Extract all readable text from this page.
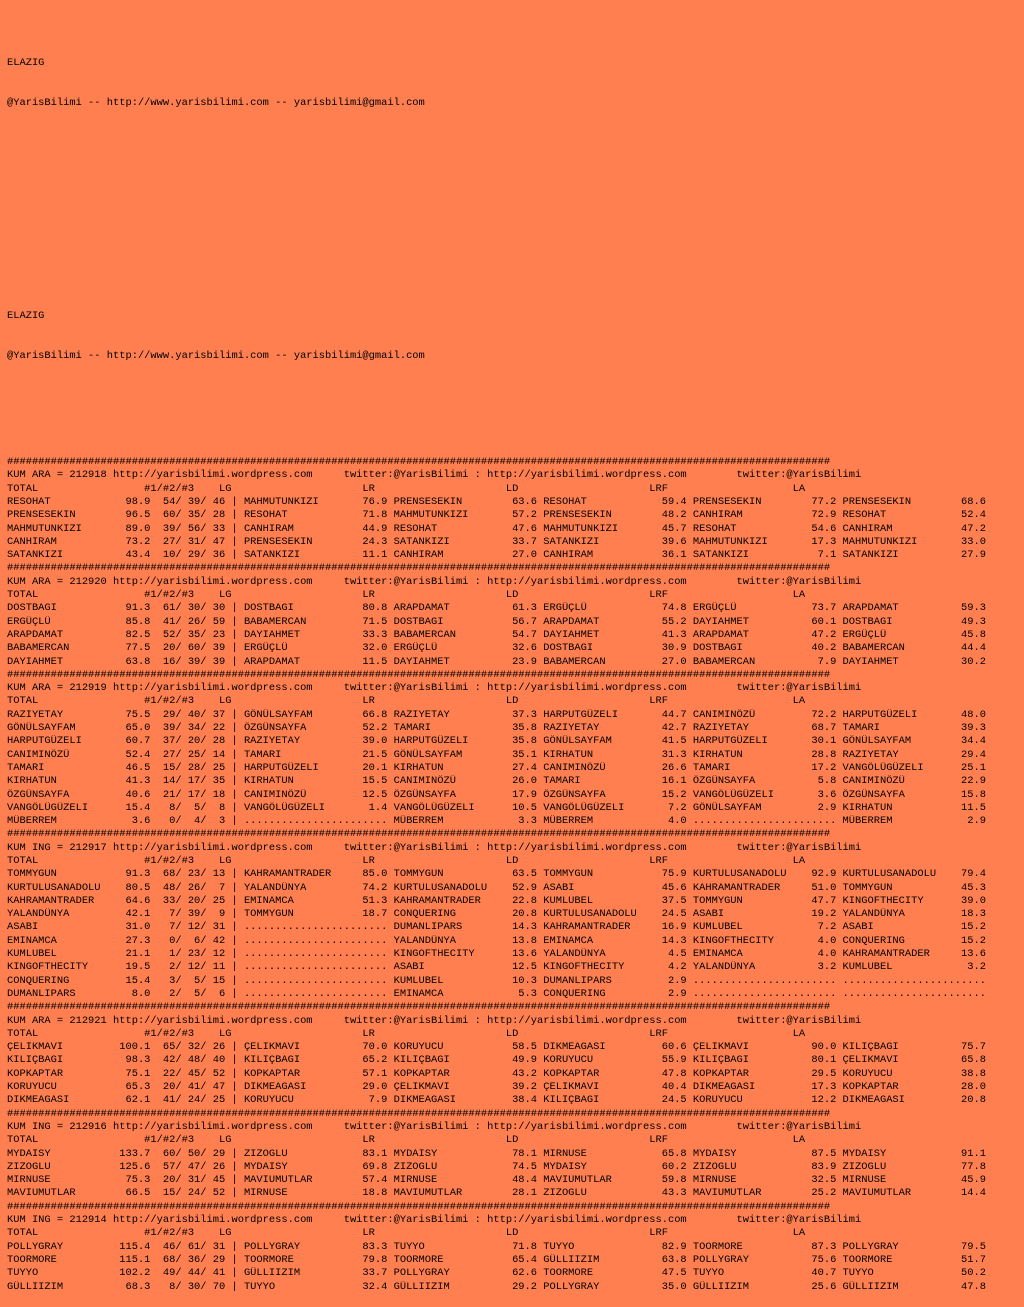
ELAZIG

@YarisBilimi -- http://www.yarisbilimi.com -- yarisbilimi@gmail.com

ELAZIG

@YarisBilimi -- http://www.yarisbilimi.com -- yarisbilimi@gmail.com

####################################################################################################################################
KUM ARA = 212918 http://yarisbilimi.wordpress.com     twitter:@YarisBilimi : http://yarisbilimi.wordpress.com        twitter:@YarisBilimi
TOTAL                 #1/#2/#3    LG                     LR                     LD                     LRF                    LA
RESOHAT            98.9  54/ 39/ 46 | MAHMUTUNKIZI       76.9 PRENSESEKIN        63.6 RESOHAT            59.4 PRENSESEKIN        77.2 PRENSESEKIN        68.6
PRENSESEKIN        96.5  60/ 35/ 28 | RESOHAT            71.8 MAHMUTUNKIZI       57.2 PRENSESEKIN        48.2 CANHIRAM           72.9 RESOHAT            52.4
MAHMUTUNKIZI       89.0  39/ 56/ 33 | CANHIRAM           44.9 RESOHAT            47.6 MAHMUTUNKIZI       45.7 RESOHAT            54.6 CANHIRAM           47.2
CANHIRAM           73.2  27/ 31/ 47 | PRENSESEKIN        24.3 SATANKIZI          33.7 SATANKIZI          39.6 MAHMUTUNKIZI       17.3 MAHMUTUNKIZI       33.0
SATANKIZI          43.4  10/ 29/ 36 | SATANKIZI          11.1 CANHIRAM           27.0 CANHIRAM           36.1 SATANKIZI           7.1 SATANKIZI          27.9
####################################################################################################################################
KUM ARA = 212920 http://yarisbilimi.wordpress.com     twitter:@YarisBilimi : http://yarisbilimi.wordpress.com        twitter:@YarisBilimi
TOTAL                 #1/#2/#3    LG                     LR                     LD                     LRF                    LA
DOSTBAGI           91.3  61/ 30/ 30 | DOSTBAGI           80.8 ARAPDAMAT          61.3 ERGÜÇLÜ            74.8 ERGÜÇLÜ            73.7 ARAPDAMAT          59.3
ERGÜÇLÜ            85.8  41/ 26/ 59 | BABAMERCAN         71.5 DOSTBAGI           56.7 ARAPDAMAT          55.2 DAYIAHMET          60.1 DOSTBAGI           49.3
ARAPDAMAT          82.5  52/ 35/ 23 | DAYIAHMET          33.3 BABAMERCAN         54.7 DAYIAHMET          41.3 ARAPDAMAT          47.2 ERGÜÇLÜ            45.8
BABAMERCAN         77.5  20/ 60/ 39 | ERGÜÇLÜ            32.0 ERGÜÇLÜ            32.6 DOSTBAGI           30.9 DOSTBAGI           40.2 BABAMERCAN         44.4
DAYIAHMET          63.8  16/ 39/ 39 | ARAPDAMAT          11.5 DAYIAHMET          23.9 BABAMERCAN         27.0 BABAMERCAN          7.9 DAYIAHMET          30.2
####################################################################################################################################
KUM ARA = 212919 http://yarisbilimi.wordpress.com     twitter:@YarisBilimi : http://yarisbilimi.wordpress.com        twitter:@YarisBilimi
TOTAL                 #1/#2/#3    LG                     LR                     LD                     LRF                    LA
RAZIYETAY          75.5  29/ 40/ 37 | GÖNÜLSAYFAM        66.8 RAZIYETAY          37.3 HARPUTGÜZELI       44.7 CANIMINÖZÜ         72.2 HARPUTGÜZELI       48.0
GÖNÜLSAYFAM        65.0  39/ 34/ 22 | ÖZGÜNSAYFA         52.2 TAMARI             35.8 RAZIYETAY          42.7 RAZIYETAY          68.7 TAMARI             39.3
HARPUTGÜZELI       60.7  37/ 20/ 28 | RAZIYETAY          39.0 HARPUTGÜZELI       35.8 GÖNÜLSAYFAM        41.5 HARPUTGÜZELI       30.1 GÖNÜLSAYFAM        34.4
CANIMINÖZÜ         52.4  27/ 25/ 14 | TAMARI             21.5 GÖNÜLSAYFAM        35.1 KIRHATUN           31.3 KIRHATUN           28.8 RAZIYETAY          29.4
TAMARI             46.5  15/ 28/ 25 | HARPUTGÜZELI       20.1 KIRHATUN           27.4 CANIMINÖZÜ         26.6 TAMARI             17.2 VANGÖLÜGÜZELI      25.1
KIRHATUN           41.3  14/ 17/ 35 | KIRHATUN           15.5 CANIMINÖZÜ         26.0 TAMARI             16.1 ÖZGÜNSAYFA          5.8 CANIMINÖZÜ         22.9
ÖZGÜNSAYFA         40.6  21/ 17/ 18 | CANIMINÖZÜ         12.5 ÖZGÜNSAYFA         17.9 ÖZGÜNSAYFA         15.2 VANGÖLÜGÜZELI       3.6 ÖZGÜNSAYFA         15.8
VANGÖLÜGÜZELI      15.4   8/  5/  8 | VANGÖLÜGÜZELI       1.4 VANGÖLÜGÜZELI      10.5 VANGÖLÜGÜZELI       7.2 GÖNÜLSAYFAM         2.9 KIRHATUN           11.5
MÜBERREM            3.6   0/  4/  3 | ....................... MÜBERREM            3.3 MÜBERREM            4.0 ....................... MÜBERREM            2.9
####################################################################################################################################
KUM ING = 212917 http://yarisbilimi.wordpress.com     twitter:@YarisBilimi : http://yarisbilimi.wordpress.com        twitter:@YarisBilimi
TOTAL                 #1/#2/#3    LG                     LR                     LD                     LRF                    LA
TOMMYGUN           91.3  68/ 23/ 13 | KAHRAMANTRADER     85.0 TOMMYGUN           63.5 TOMMYGUN           75.9 KURTULUSANADOLU    92.9 KURTULUSANADOLU    79.4
KURTULUSANADOLU    80.5  48/ 26/  7 | YALANDÜNYA         74.2 KURTULUSANADOLU    52.9 ASABI              45.6 KAHRAMANTRADER     51.0 TOMMYGUN           45.3
KAHRAMANTRADER     64.6  33/ 20/ 25 | EMINAMCA           51.3 KAHRAMANTRADER     22.8 KUMLUBEL           37.5 TOMMYGUN           47.7 KINGOFTHECITY      39.0
YALANDÜNYA         42.1   7/ 39/  9 | TOMMYGUN           18.7 CONQUERING         20.8 KURTULUSANADOLU    24.5 ASABI              19.2 YALANDÜNYA         18.3
ASABI              31.0   7/ 12/ 31 | ....................... DUMANLIPARS        14.3 KAHRAMANTRADER     16.9 KUMLUBEL            7.2 ASABI              15.2
EMINAMCA           27.3   0/  6/ 42 | ....................... YALANDÜNYA         13.8 EMINAMCA           14.3 KINGOFTHECITY       4.0 CONQUERING         15.2
KUMLUBEL           21.1   1/ 23/ 12 | ....................... KINGOFTHECITY      13.6 YALANDÜNYA          4.5 EMINAMCA            4.0 KAHRAMANTRADER     13.6
KINGOFTHECITY      19.5   2/ 12/ 11 | ....................... ASABI              12.5 KINGOFTHECITY       4.2 YALANDÜNYA          3.2 KUMLUBEL            3.2
CONQUERING         15.4   3/  5/ 15 | ....................... KUMLUBEL           10.3 DUMANLIPARS         2.9 ....................... .......................
DUMANLIPARS         8.0   2/  5/  6 | ....................... EMINAMCA            5.3 CONQUERING          2.9 ....................... .......................
####################################################################################################################################
KUM ARA = 212921 http://yarisbilimi.wordpress.com     twitter:@YarisBilimi : http://yarisbilimi.wordpress.com        twitter:@YarisBilimi
TOTAL                 #1/#2/#3    LG                     LR                     LD                     LRF                    LA
ÇELIKMAVI         100.1  65/ 32/ 26 | ÇELIKMAVI          70.0 KORUYUCU           58.5 DIKMEAGASI         60.6 ÇELIKMAVI          90.0 KILIÇBAGI          75.7
KILIÇBAGI          98.3  42/ 48/ 40 | KILIÇBAGI          65.2 KILIÇBAGI          49.9 KORUYUCU           55.9 KILIÇBAGI          80.1 ÇELIKMAVI          65.8
KOPKAPTAR          75.1  22/ 45/ 52 | KOPKAPTAR          57.1 KOPKAPTAR          43.2 KOPKAPTAR          47.8 KOPKAPTAR          29.5 KORUYUCU           38.8
KORUYUCU           65.3  20/ 41/ 47 | DIKMEAGASI         29.0 ÇELIKMAVI          39.2 ÇELIKMAVI          40.4 DIKMEAGASI         17.3 KOPKAPTAR          28.0
DIKMEAGASI         62.1  41/ 24/ 25 | KORUYUCU            7.9 DIKMEAGASI         38.4 KILIÇBAGI          24.5 KORUYUCU           12.2 DIKMEAGASI         20.8
####################################################################################################################################
KUM ING = 212916 http://yarisbilimi.wordpress.com     twitter:@YarisBilimi : http://yarisbilimi.wordpress.com        twitter:@YarisBilimi
TOTAL                 #1/#2/#3    LG                     LR                     LD                     LRF                    LA
MYDAISY           133.7  60/ 50/ 29 | ZIZOGLU            83.1 MYDAISY            78.1 MIRNUSE            65.8 MYDAISY            87.5 MYDAISY            91.1
ZIZOGLU           125.6  57/ 47/ 26 | MYDAISY            69.8 ZIZOGLU            74.5 MYDAISY            60.2 ZIZOGLU            83.9 ZIZOGLU            77.8
MIRNUSE            75.3  20/ 31/ 45 | MAVIUMUTLAR        57.4 MIRNUSE            48.4 MAVIUMUTLAR        59.8 MIRNUSE            32.5 MIRNUSE            45.9
MAVIUMUTLAR        66.5  15/ 24/ 52 | MIRNUSE            18.8 MAVIUMUTLAR        28.1 ZIZOGLU            43.3 MAVIUMUTLAR        25.2 MAVIUMUTLAR        14.4
####################################################################################################################################
KUM ING = 212914 http://yarisbilimi.wordpress.com     twitter:@YarisBilimi : http://yarisbilimi.wordpress.com        twitter:@YarisBilimi
TOTAL                 #1/#2/#3    LG                     LR                     LD                     LRF                    LA
POLLYGRAY         115.4  46/ 61/ 31 | POLLYGRAY          83.3 TUYYO              71.8 TUYYO              82.9 TOORMORE           87.3 POLLYGRAY          79.5
TOORMORE          115.1  68/ 36/ 29 | TOORMORE           79.8 TOORMORE           65.4 GÜLLIIZIM          63.8 POLLYGRAY          75.6 TOORMORE           51.7
TUYYO             102.2  49/ 44/ 41 | GÜLLIIZIM          33.7 POLLYGRAY          62.6 TOORMORE           47.5 TUYYO              40.7 TUYYO              50.2
GÜLLIIZIM          68.3   8/ 30/ 70 | TUYYO              32.4 GÜLLIIZIM          29.2 POLLYGRAY          35.0 GÜLLIIZIM          25.6 GÜLLIIZIM          47.8
